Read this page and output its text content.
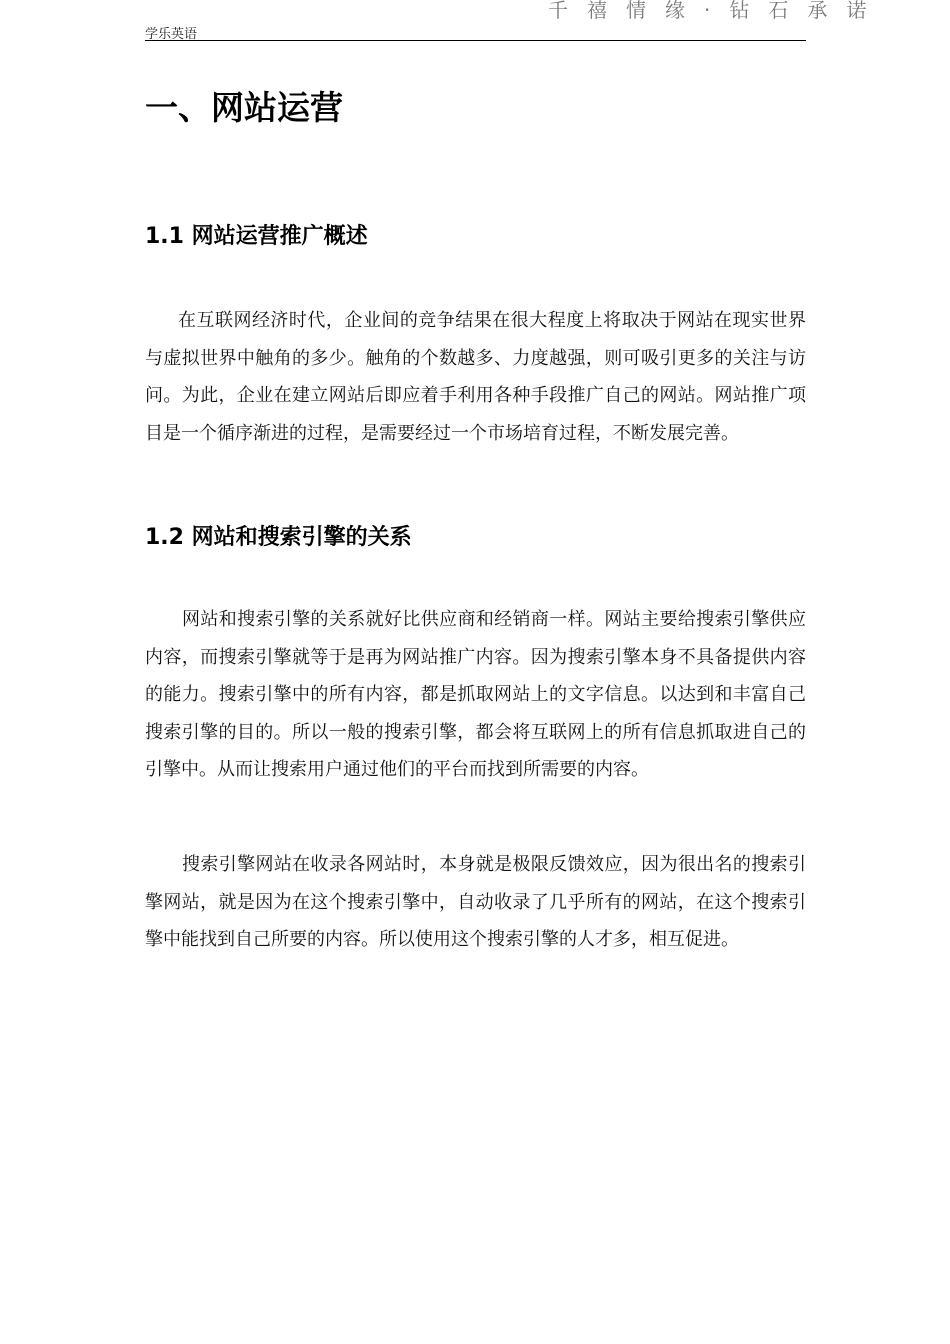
千禧情缘·钻石承诺
学乐英语
一、网站运营
1.1 网站运营推广概述

在互联网经济时代，企业间的竞争结果在很大程度上将取决于网站在现实世界与虚拟世界中触角的多少。触角的个数越多、力度越强，则可吸引更多的关注与访问。为此，企业在建立网站后即应着手利用各种手段推广自己的网站。网站推广项目是一个循序渐进的过程，是需要经过一个市场培育过程，不断发展完善。

1.2 网站和搜索引擎的关系

网站和搜索引擎的关系就好比供应商和经销商一样。网站主要给搜索引擎供应内容，而搜索引擎就等于是再为网站推广内容。因为搜索引擎本身不具备提供内容的能力。搜索引擎中的所有内容，都是抓取网站上的文字信息。以达到和丰富自己搜索引擎的目的。所以一般的搜索引擎，都会将互联网上的所有信息抓取进自己的引擎中。从而让搜索用户通过他们的平台而找到所需要的内容。

搜索引擎网站在收录各网站时，本身就是极限反馈效应，因为很出名的搜索引擎网站，就是因为在这个搜索引擎中，自动收录了几乎所有的网站，在这个搜索引擎中能找到自己所要的内容。所以使用这个搜索引擎的人才多，相互促进。
